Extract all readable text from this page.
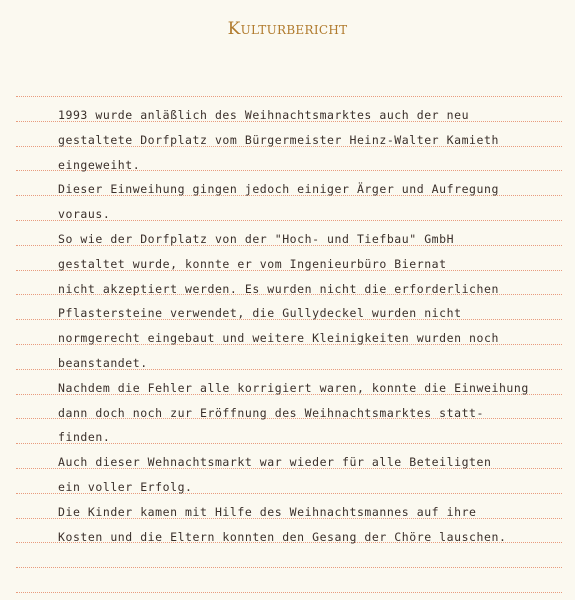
Kulturbericht
1993 wurde anläßlich des Weihnachtsmarktes auch der neu
gestaltete Dorfplatz vom Bürgermeister Heinz-Walter Kamieth
eingeweiht.
Dieser Einweihung gingen jedoch einiger Ärger und Aufregung
voraus.
So wie der Dorfplatz von der "Hoch- und Tiefbau" GmbH
gestaltet wurde, konnte er vom Ingenieurbüro Biernat
nicht akzeptiert werden. Es wurden nicht die erforderlichen
Pflastersteine verwendet, die Gullydeckel wurden nicht
normgerecht eingebaut und weitere Kleinigkeiten wurden noch
beanstandet.
Nachdem die Fehler alle korrigiert waren, konnte die Einweihung
dann doch noch zur Eröffnung des Weihnachtsmarktes statt-
finden.
Auch dieser Wehnachtsmarkt war wieder für alle Beteiligten
ein voller Erfolg.
Die Kinder kamen mit Hilfe des Weihnachtsmannes auf ihre
Kosten und die Eltern konnten den Gesang der Chöre lauschen.
